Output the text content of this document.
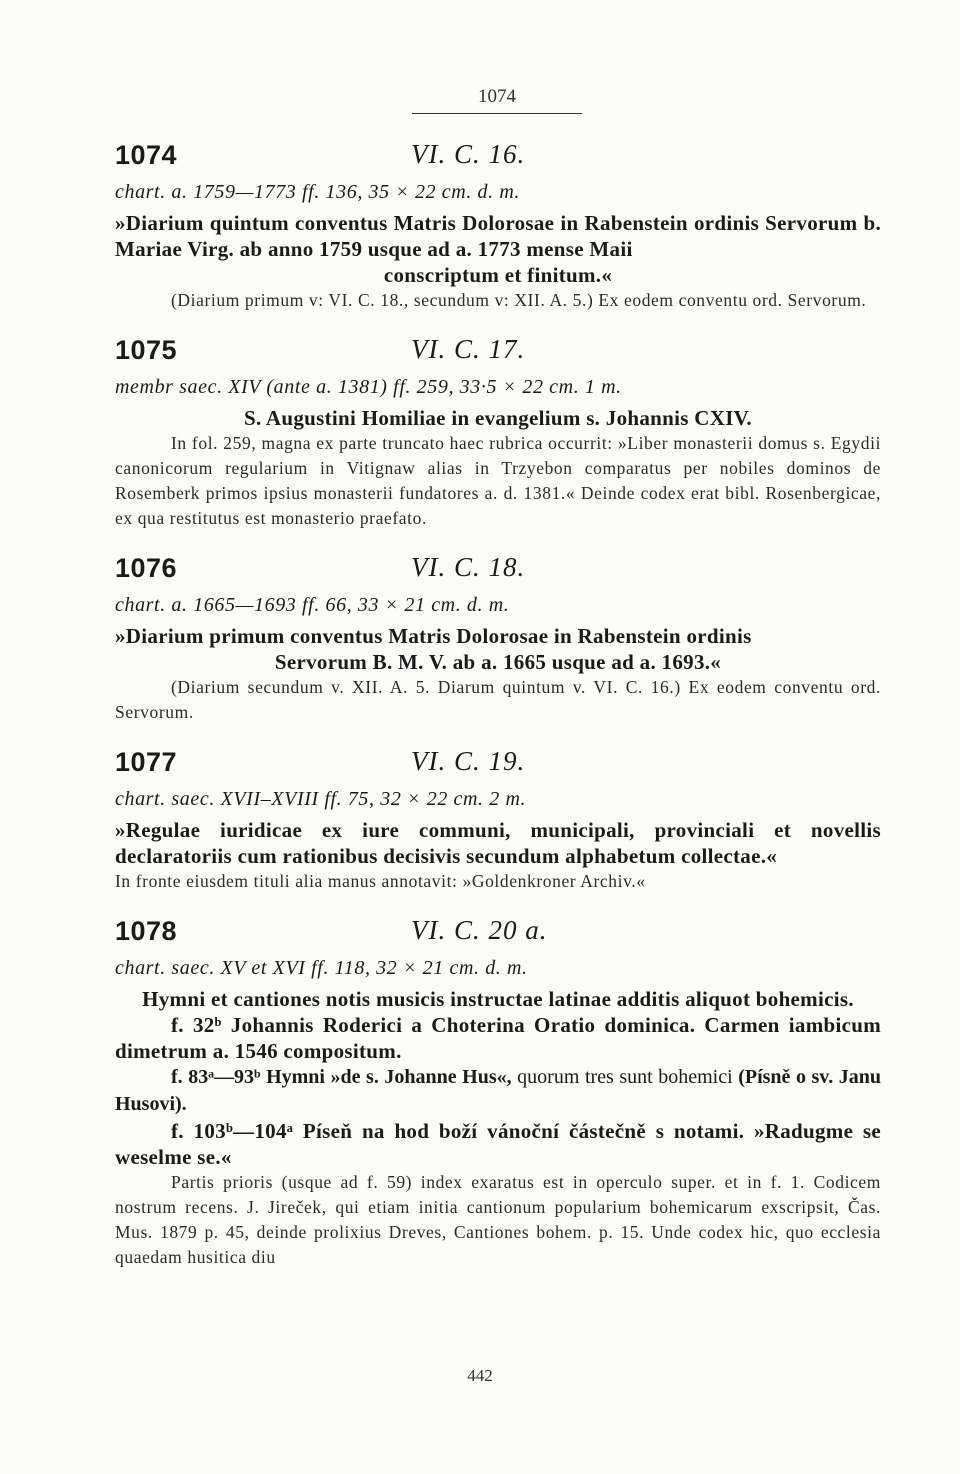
1074
1074	VI. C. 16.
chart. a. 1759—1773 ff. 136, 35 × 22 cm. d. m.
»Diarium quintum conventus Matris Dolorosae in Rabenstein ordinis Servorum b. Mariae Virg. ab anno 1759 usque ad a. 1773 mense Maii
conscriptum et finitum.«
(Diarium primum v: VI. C. 18., secundum v: XII. A. 5.) Ex eodem conventu ord. Servorum.
1075	VI. C. 17.
membr saec. XIV (ante a. 1381) ff. 259, 33·5 × 22 cm. 1 m.
S. Augustini Homiliae in evangelium s. Johannis CXIV.
In fol. 259, magna ex parte truncato haec rubrica occurrit: »Liber monasterii domus s. Egydii canonicorum regularium in Vitignaw alias in Trzyebon comparatus per nobiles dominos de Rosemberk primos ipsius monasterii fundatores a. d. 1381.« Deinde codex erat bibl. Rosenbergicae, ex qua restitutus est monasterio praefato.
1076	VI. C. 18.
chart. a. 1665—1693 ff. 66, 33 × 21 cm. d. m.
»Diarium primum conventus Matris Dolorosae in Rabenstein ordinis
Servorum B. M. V. ab a. 1665 usque ad a. 1693.«
(Diarium secundum v. XII. A. 5. Diarum quintum v. VI. C. 16.) Ex eodem conventu ord. Servorum.
1077	VI. C. 19.
chart. saec. XVII–XVIII ff. 75, 32 × 22 cm. 2 m.
»Regulae iuridicae ex iure communi, municipali, provinciali et novellis declaratoriis cum rationibus decisivis secundum alphabetum collectae.«
In fronte eiusdem tituli alia manus annotavit: »Goldenkroner Archiv.«
1078	VI. C. 20 a.
chart. saec. XV et XVI ff. 118, 32 × 21 cm. d. m.
Hymni et cantiones notis musicis instructae latinae additis aliquot bohemicis.
f. 32ᵇ Johannis Roderici a Choterina Oratio dominica. Carmen iambicum dimetrum a. 1546 compositum.
f. 83ᵃ—93ᵇ Hymni »de s. Johanne Hus«, quorum tres sunt bohemici (Písně o sv. Janu Husovi).
f. 103ᵇ—104ᵃ Píseň na hod boží vánoční částečně s notami. »Radugme se weselme se.«
Partis prioris (usque ad f. 59) index exaratus est in operculo super. et in f. 1. Codicem nostrum recens. J. Jireček, qui etiam initia cantionum popularium bohemicarum exscripsit, Čas. Mus. 1879 p. 45, deinde prolixius Dreves, Cantiones bohem. p. 15. Unde codex hic, quo ecclesia quaedam husitica diu
442
